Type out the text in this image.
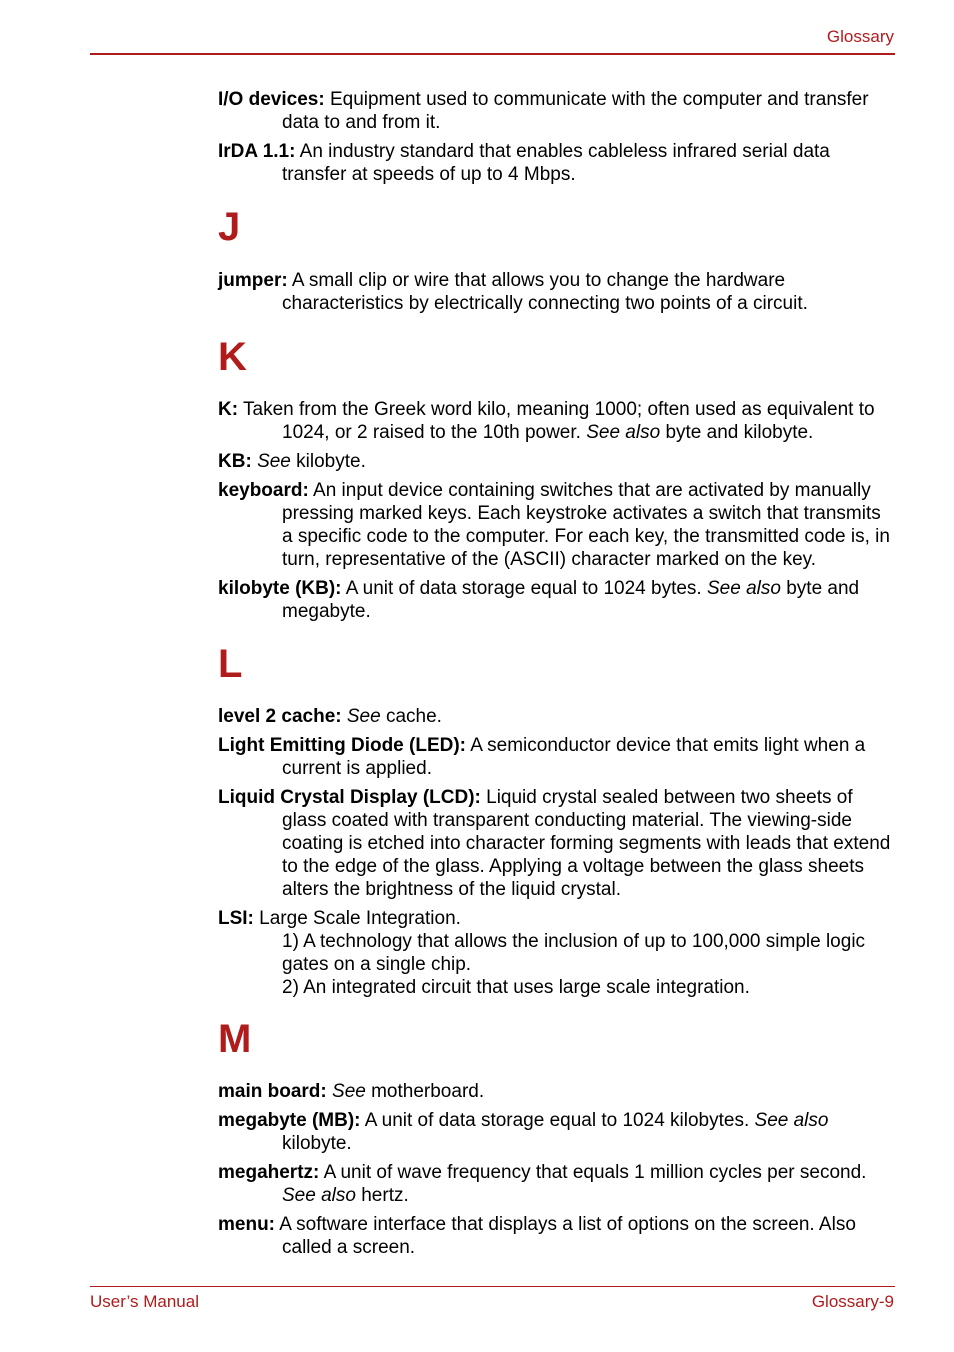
Glossary

I/O devices: Equipment used to communicate with the computer and transfer data to and from it.

IrDA 1.1: An industry standard that enables cableless infrared serial data transfer at speeds of up to 4 Mbps.

J

jumper: A small clip or wire that allows you to change the hardware characteristics by electrically connecting two points of a circuit.

K

K: Taken from the Greek word kilo, meaning 1000; often used as equivalent to 1024, or 2 raised to the 10th power. See also byte and kilobyte.

KB: See kilobyte.

keyboard: An input device containing switches that are activated by manually pressing marked keys. Each keystroke activates a switch that transmits a specific code to the computer. For each key, the transmitted code is, in turn, representative of the (ASCII) character marked on the key.

kilobyte (KB): A unit of data storage equal to 1024 bytes. See also byte and megabyte.

L

level 2 cache: See cache.

Light Emitting Diode (LED): A semiconductor device that emits light when a current is applied.

Liquid Crystal Display (LCD): Liquid crystal sealed between two sheets of glass coated with transparent conducting material. The viewing-side coating is etched into character forming segments with leads that extend to the edge of the glass. Applying a voltage between the glass sheets alters the brightness of the liquid crystal.

LSI: Large Scale Integration.
1) A technology that allows the inclusion of up to 100,000 simple logic gates on a single chip.
2) An integrated circuit that uses large scale integration.

M

main board: See motherboard.

megabyte (MB): A unit of data storage equal to 1024 kilobytes. See also kilobyte.

megahertz: A unit of wave frequency that equals 1 million cycles per second. See also hertz.

menu: A software interface that displays a list of options on the screen. Also called a screen.

User’s Manual	Glossary-9
